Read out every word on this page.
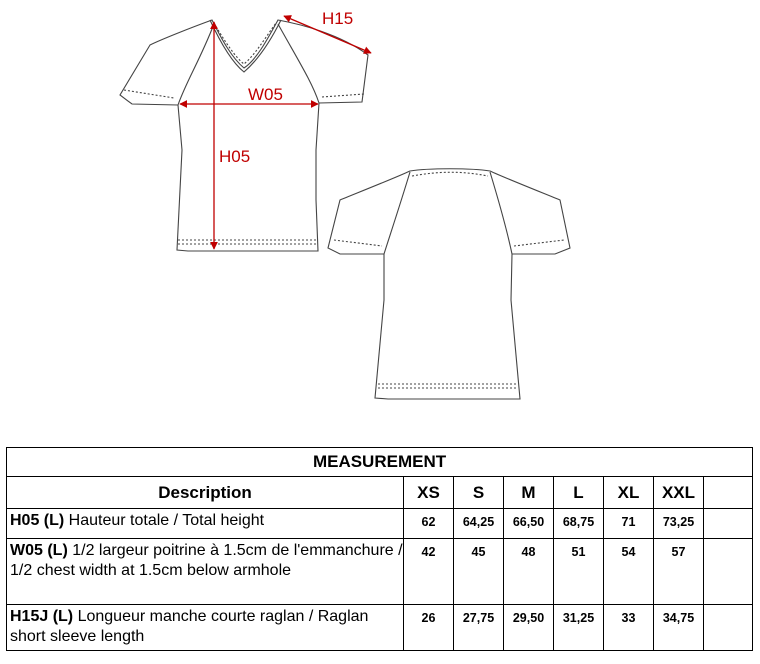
H15
W05
H05
MEASUREMENT							
Description	XS	S	M	L	XL	XXL	
H05 (L) Hauteur totale / Total height	62	64,25	66,50	68,75	71	73,25	
W05 (L) 1/2 largeur poitrine à 1.5cm de l'emmanchure / 1/2 chest width at 1.5cm below armhole	42	45	48	51	54	57	
H15J (L) Longueur manche courte raglan / Raglan short sleeve length	26	27,75	29,50	31,25	33	34,75	
